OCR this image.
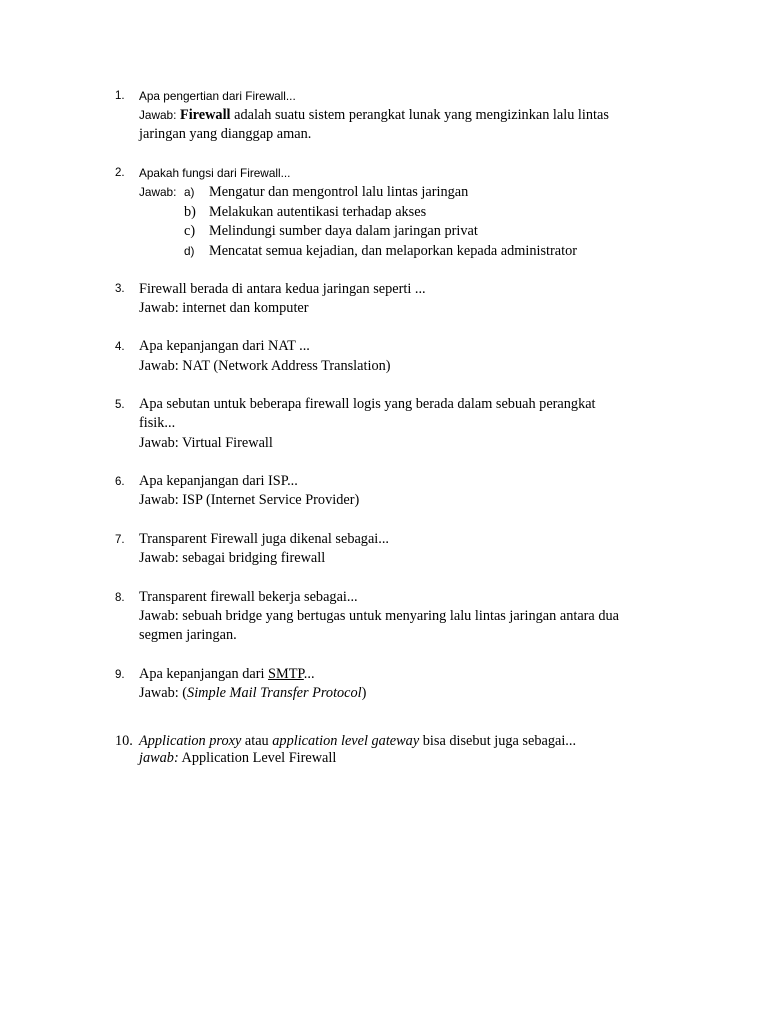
1. Apa pengertian dari Firewall...
Jawab: Firewall adalah suatu sistem perangkat lunak yang mengizinkan lalu lintas
jaringan yang dianggap aman.
2. Apakah fungsi dari Firewall...
Jawab: a) Mengatur dan mengontrol lalu lintas jaringan
b) Melakukan autentikasi terhadap akses
c) Melindungi sumber daya dalam jaringan privat
d) Mencatat semua kejadian, dan melaporkan kepada administrator
3. Firewall berada di antara kedua jaringan seperti ...
Jawab: internet dan komputer
4. Apa kepanjangan dari NAT ...
Jawab: NAT (Network Address Translation)
5. Apa sebutan untuk beberapa firewall logis yang berada dalam sebuah perangkat
fisik...
Jawab: Virtual Firewall
6. Apa kepanjangan dari ISP...
Jawab: ISP (Internet Service Provider)
7. Transparent Firewall juga dikenal sebagai...
Jawab: sebagai bridging firewall
8. Transparent firewall bekerja sebagai...
Jawab: sebuah bridge yang bertugas untuk menyaring lalu lintas jaringan antara dua
segmen jaringan.
9. Apa kepanjangan dari SMTP...
Jawab: (Simple Mail Transfer Protocol)
10. Application proxy atau application level gateway bisa disebut juga sebagai...
jawab: Application Level Firewall
